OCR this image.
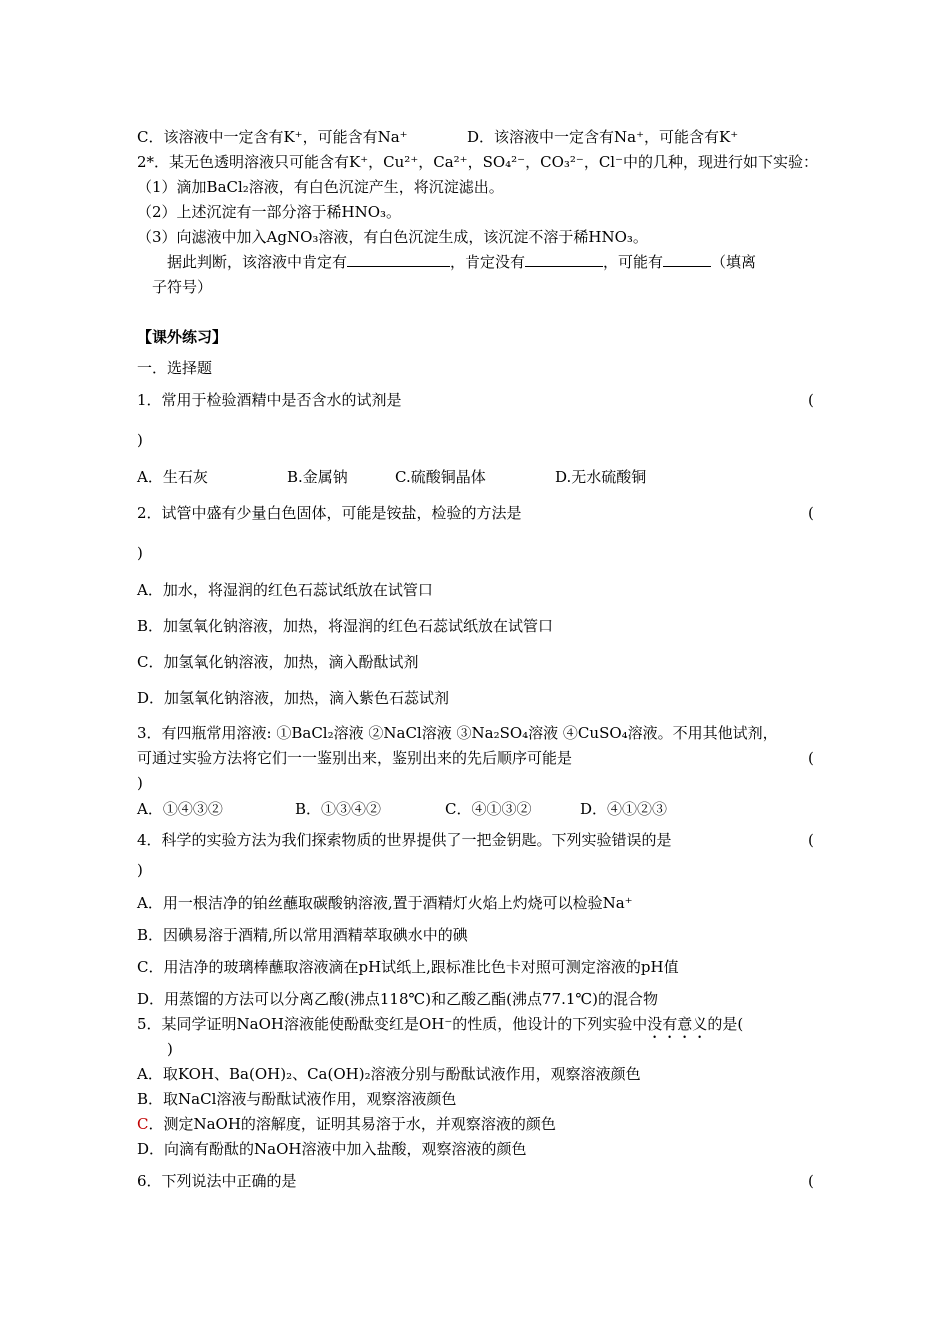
C．该溶液中一定含有K⁺，可能含有Na⁺	D．该溶液中一定含有Na⁺，可能含有K⁺
2*．某无色透明溶液只可能含有K⁺，Cu²⁺，Ca²⁺，SO₄²⁻，CO₃²⁻，Cl⁻中的几种，现进行如下实验：
（1）滴加BaCl₂溶液，有白色沉淀产生，将沉淀滤出。
（2）上述沉淀有一部分溶于稀HNO₃。
（3）向滤液中加入AgNO₃溶液，有白色沉淀生成，该沉淀不溶于稀HNO₃。
据此判断，该溶液中肯定有	，肯定没有	，可能有	（填离
子符号）
【课外练习】
一．选择题
1．常用于检验酒精中是否含水的试剂是	(
)
A．生石灰	B.金属钠	C.硫酸铜晶体	D.无水硫酸铜
2．试管中盛有少量白色固体，可能是铵盐，检验的方法是	(
)
A．加水，将湿润的红色石蕊试纸放在试管口
B．加氢氧化钠溶液，加热，将湿润的红色石蕊试纸放在试管口
C．加氢氧化钠溶液，加热，滴入酚酞试剂
D．加氢氧化钠溶液，加热，滴入紫色石蕊试剂
3．有四瓶常用溶液: ①BaCl₂溶液 ②NaCl溶液 ③Na₂SO₄溶液 ④CuSO₄溶液。不用其他试剂，
可通过实验方法将它们一一鉴别出来，鉴别出来的先后顺序可能是	(
)
A．①④③②	B．①③④②	C．④①③②	D．④①②③
4．科学的实验方法为我们探索物质的世界提供了一把金钥匙。下列实验错误的是	(
)
A．用一根洁净的铂丝蘸取碳酸钠溶液,置于酒精灯火焰上灼烧可以检验Na⁺
B．因碘易溶于酒精,所以常用酒精萃取碘水中的碘
C．用洁净的玻璃棒蘸取溶液滴在pH试纸上,跟标准比色卡对照可测定溶液的pH值
D．用蒸馏的方法可以分离乙酸(沸点118℃)和乙酸乙酯(沸点77.1℃)的混合物
5．某同学证明NaOH溶液能使酚酞变红是OH⁻的性质，他设计的下列实验中没有意义的是(
)
A．取KOH、Ba(OH)₂、Ca(OH)₂溶液分别与酚酞试液作用，观察溶液颜色
B．取NaCl溶液与酚酞试液作用，观察溶液颜色
C．测定NaOH的溶解度，证明其易溶于水，并观察溶液的颜色
D．向滴有酚酞的NaOH溶液中加入盐酸，观察溶液的颜色
6．下列说法中正确的是	(
